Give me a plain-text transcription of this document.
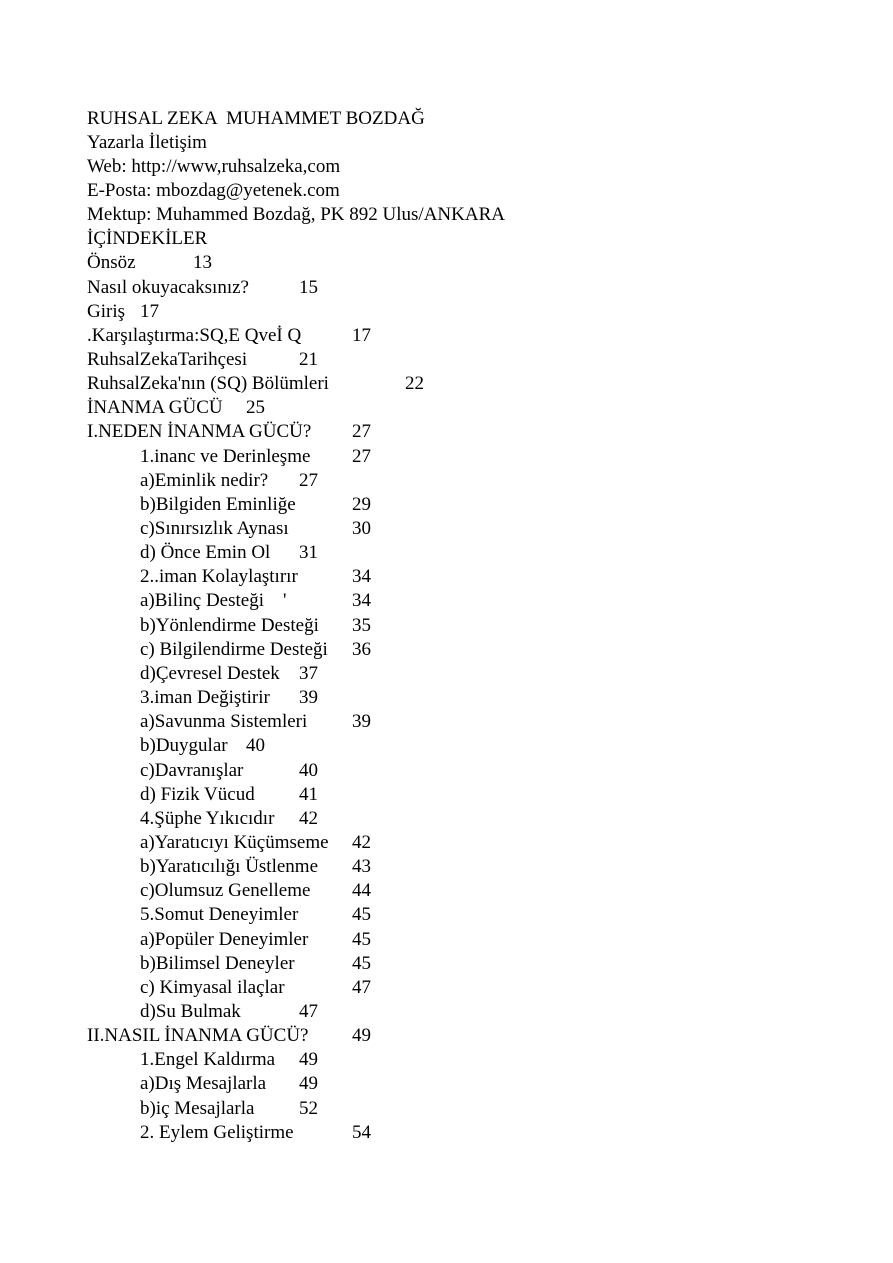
RUHSAL ZEKA  MUHAMMET BOZDAĞ
Yazarla İletişim
Web: http://www,ruhsalzeka,com
E-Posta: mbozdag@yetenek.com
Mektup: Muhammed Bozdağ, PK 892 Ulus/ANKARA
İÇİNDEKİLER
Önsöz	13
Nasıl okuyacaksınız?	15
Giriş 17
.Karşılaştırma:SQ,E Qveİ Q	17
RuhsalZekaTarihçesi	21
RuhsalZeka'nın (SQ) Bölümleri	22
İNANMA GÜCÜ 25
I.NEDEN İNANMA GÜCÜ? 27
1.inanc ve Derinleşme 27
a)Eminlik nedir? 27
b)Bilgiden Eminliğe	29
c)Sınırsızlık Aynası	30
d) Önce Emin Ol 31
2..iman Kolaylaştırır	34
a)Bilinç Desteği    '	34
b)Yönlendirme Desteği 35
c) Bilgilendirme Desteği 36
d)Çevresel Destek 37
3.iman Değiştirir 39
a)Savunma Sistemleri 39
b)Duygular 40
c)Davranışlar	40
d) Fizik Vücud 41
4.Şüphe Yıkıcıdır 42
a)Yaratıcıyı Küçümseme 42
b)Yaratıcılığı Üstlenme 43
c)Olumsuz Genelleme 44
5.Somut Deneyimler	45
a)Popüler Deneyimler 45
b)Bilimsel Deneyler	45
c) Kimyasal ilaçlar	47
d)Su Bulmak	47
II.NASIL İNANMA GÜCÜ? 49
1.Engel Kaldırma 49
a)Dış Mesajlarla 49
b)iç Mesajlarla 52
2. Eylem Geliştirme	54
